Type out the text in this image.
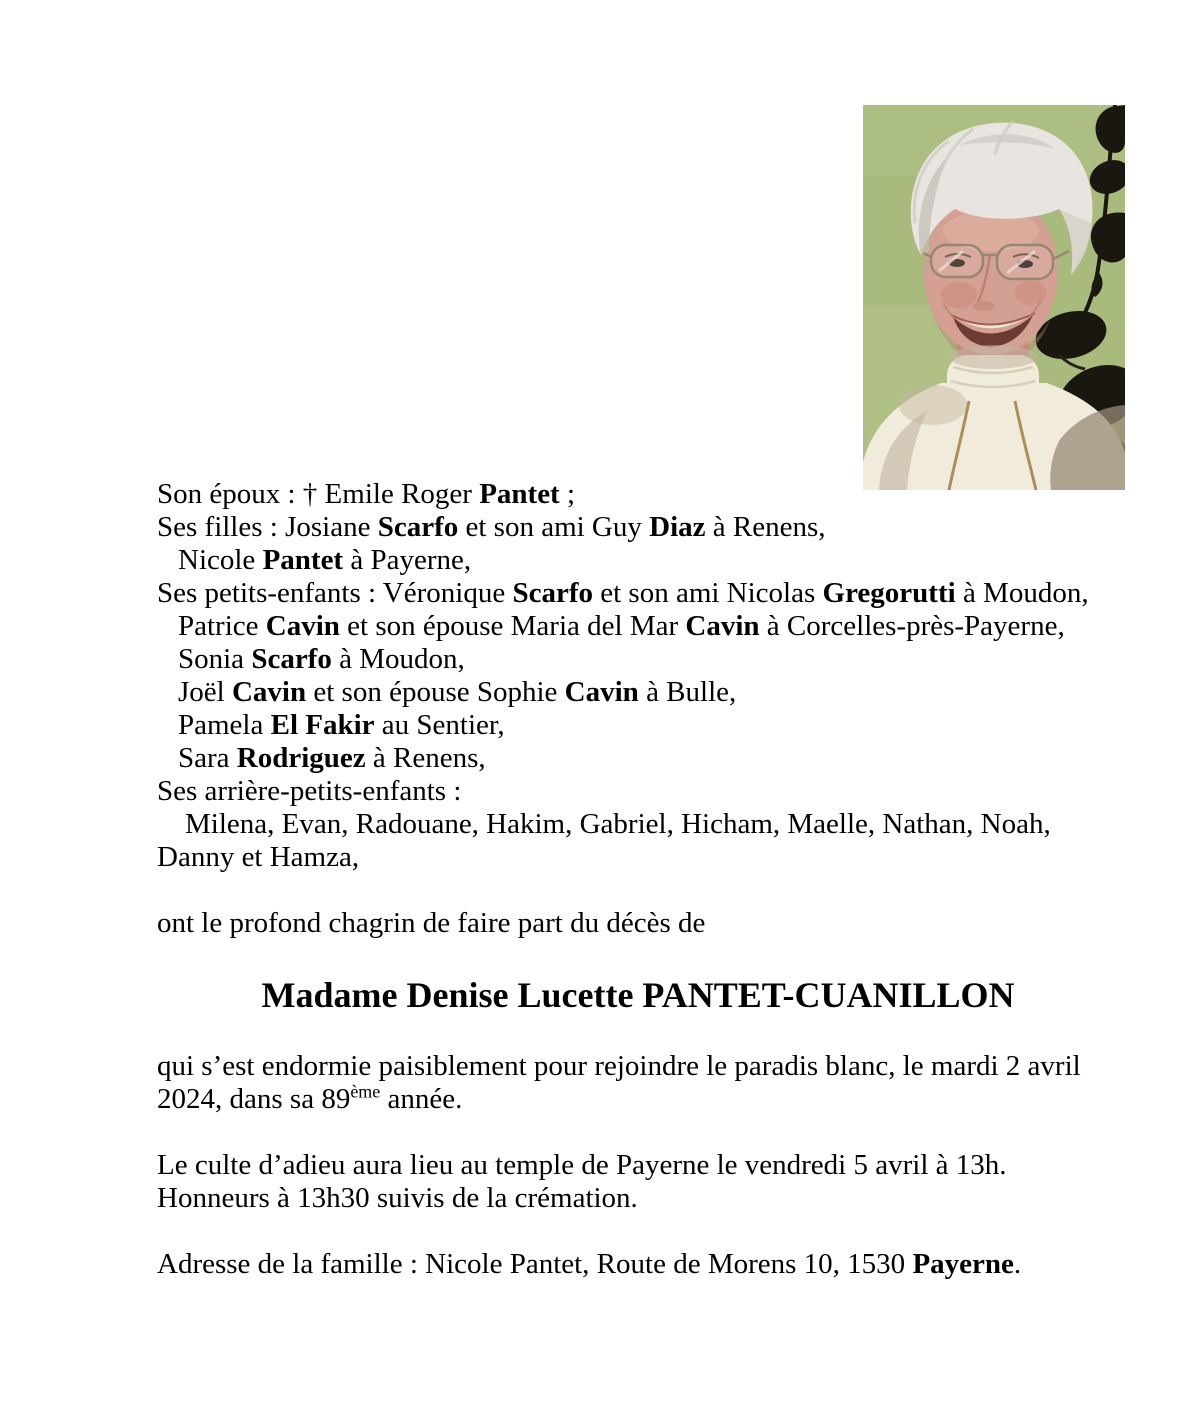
Son époux : † Emile Roger Pantet ;
Ses filles : Josiane Scarfo et son ami Guy Diaz à Renens,
Nicole Pantet à Payerne,
Ses petits-enfants : Véronique Scarfo et son ami Nicolas Gregorutti à Moudon,
Patrice Cavin et son épouse Maria del Mar Cavin à Corcelles-près-Payerne,
Sonia Scarfo à Moudon,
Joël Cavin et son épouse Sophie Cavin à Bulle,
Pamela El Fakir au Sentier,
Sara Rodriguez à Renens,
Ses arrière-petits-enfants :
Milena, Evan, Radouane, Hakim, Gabriel, Hicham, Maelle, Nathan, Noah,
Danny et Hamza,
ont le profond chagrin de faire part du décès de
Madame Denise Lucette PANTET-CUANILLON
qui s’est endormie paisiblement pour rejoindre le paradis blanc, le mardi 2 avril
2024, dans sa 89ème année.
Le culte d’adieu aura lieu au temple de Payerne le vendredi 5 avril à 13h.
Honneurs à 13h30 suivis de la crémation.
Adresse de la famille : Nicole Pantet, Route de Morens 10, 1530 Payerne.
